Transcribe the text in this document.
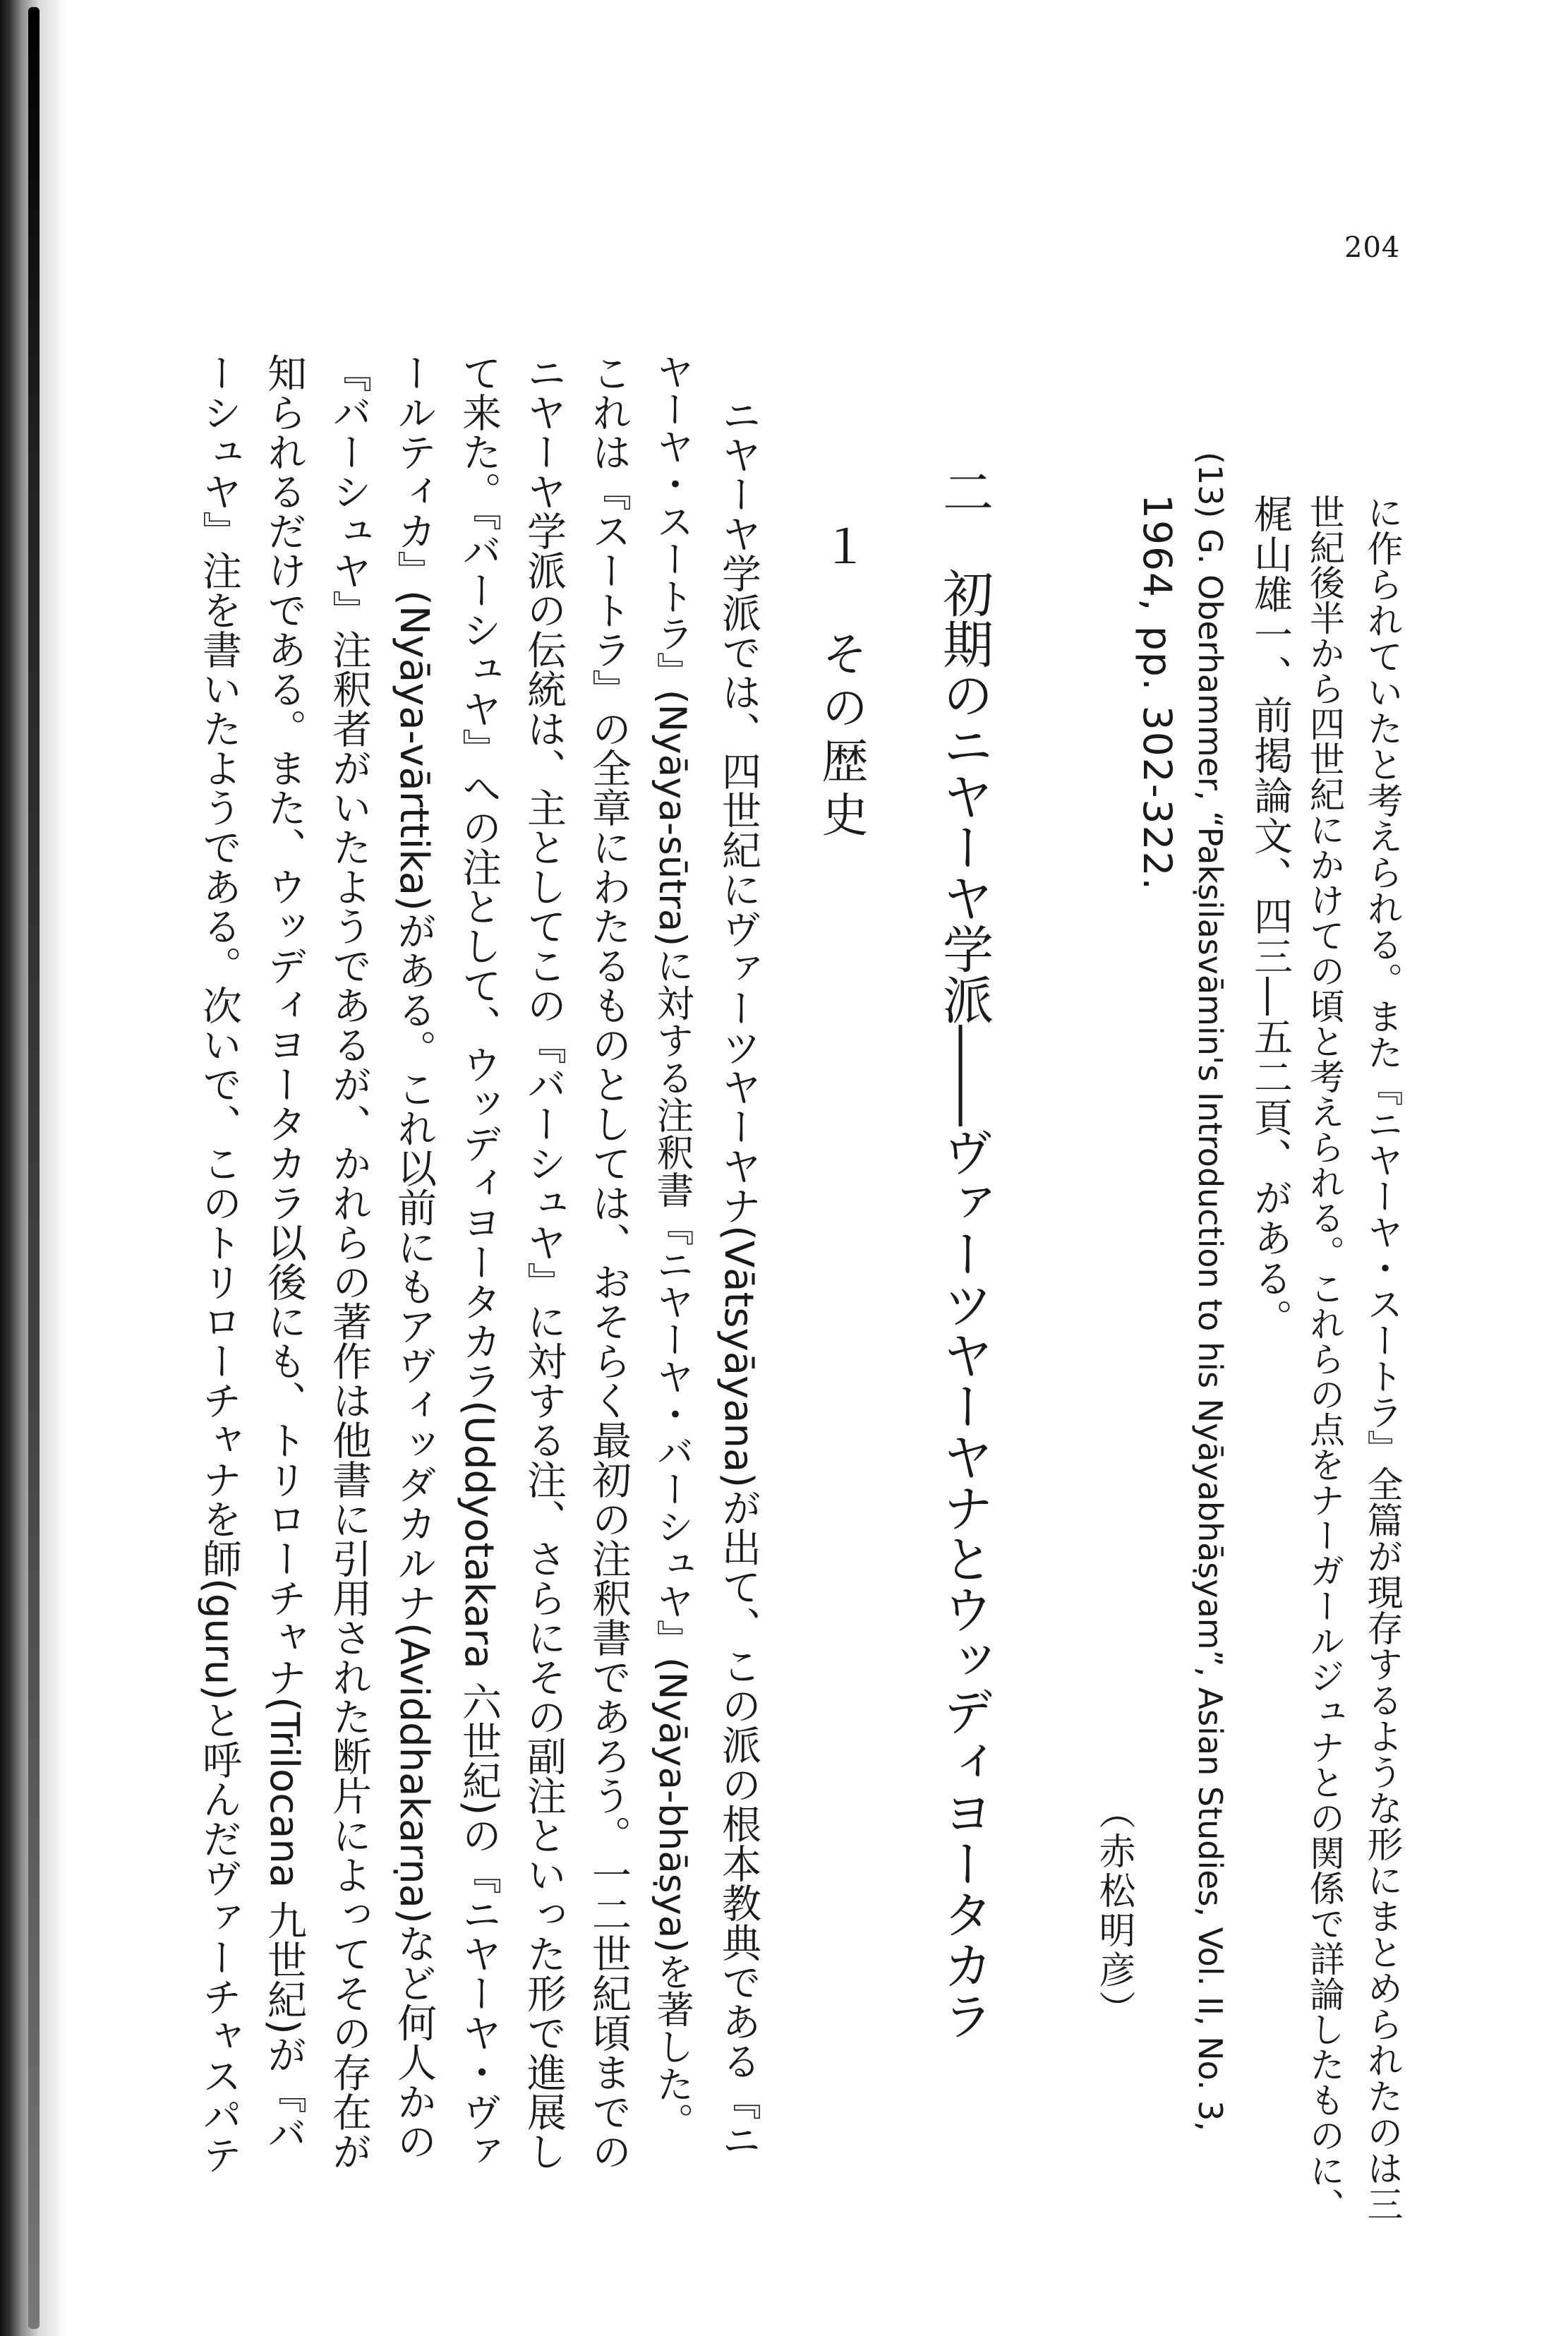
204
に作られていたと考えられる。また『ニヤーヤ・スートラ』全篇が現存するような形にまとめられたのは三
世紀後半から四世紀にかけての頃と考えられる。これらの点をナーガールジュナとの関係で詳論したものに、
梶山雄一、前掲論文、四三―五二頁、がある。
(13) G. Oberhammer, “Pakṣilasvāmin's Introduction to his Nyāyabhāṣyam”, Asian Studies, Vol. II, No. 3,
1964, pp. 302-322.
（赤松明彦）
二　初期のニヤーヤ学派――ヴァーツヤーヤナとウッディヨータカラ
１　その歴史
ニヤーヤ学派では、四世紀にヴァーツヤーヤナ(Vātsyāyana)が出て、この派の根本教典である『ニ
ヤーヤ・スートラ』(Nyāya-sūtra)に対する注釈書『ニヤーヤ・バーシュヤ』(Nyāya-bhāṣya)を著した。
これは『スートラ』の全章にわたるものとしては、おそらく最初の注釈書であろう。一二世紀頃までの
ニヤーヤ学派の伝統は、主としてこの『バーシュヤ』に対する注、さらにその副注といった形で進展し
て来た。『バーシュヤ』への注として、ウッディヨータカラ(Uddyotakara 六世紀)の『ニヤーヤ・ヴァ
ールティカ』(Nyāya-vārttika)がある。これ以前にもアヴィッダカルナ(Aviddhakarṇa)など何人かの
『バーシュヤ』注釈者がいたようであるが、かれらの著作は他書に引用された断片によってその存在が
知られるだけである。また、ウッディヨータカラ以後にも、トリローチャナ(Trilocana 九世紀)が『バ
ーシュヤ』注を書いたようである。次いで、このトリローチャナを師(guru)と呼んだヴァーチャスパテ
